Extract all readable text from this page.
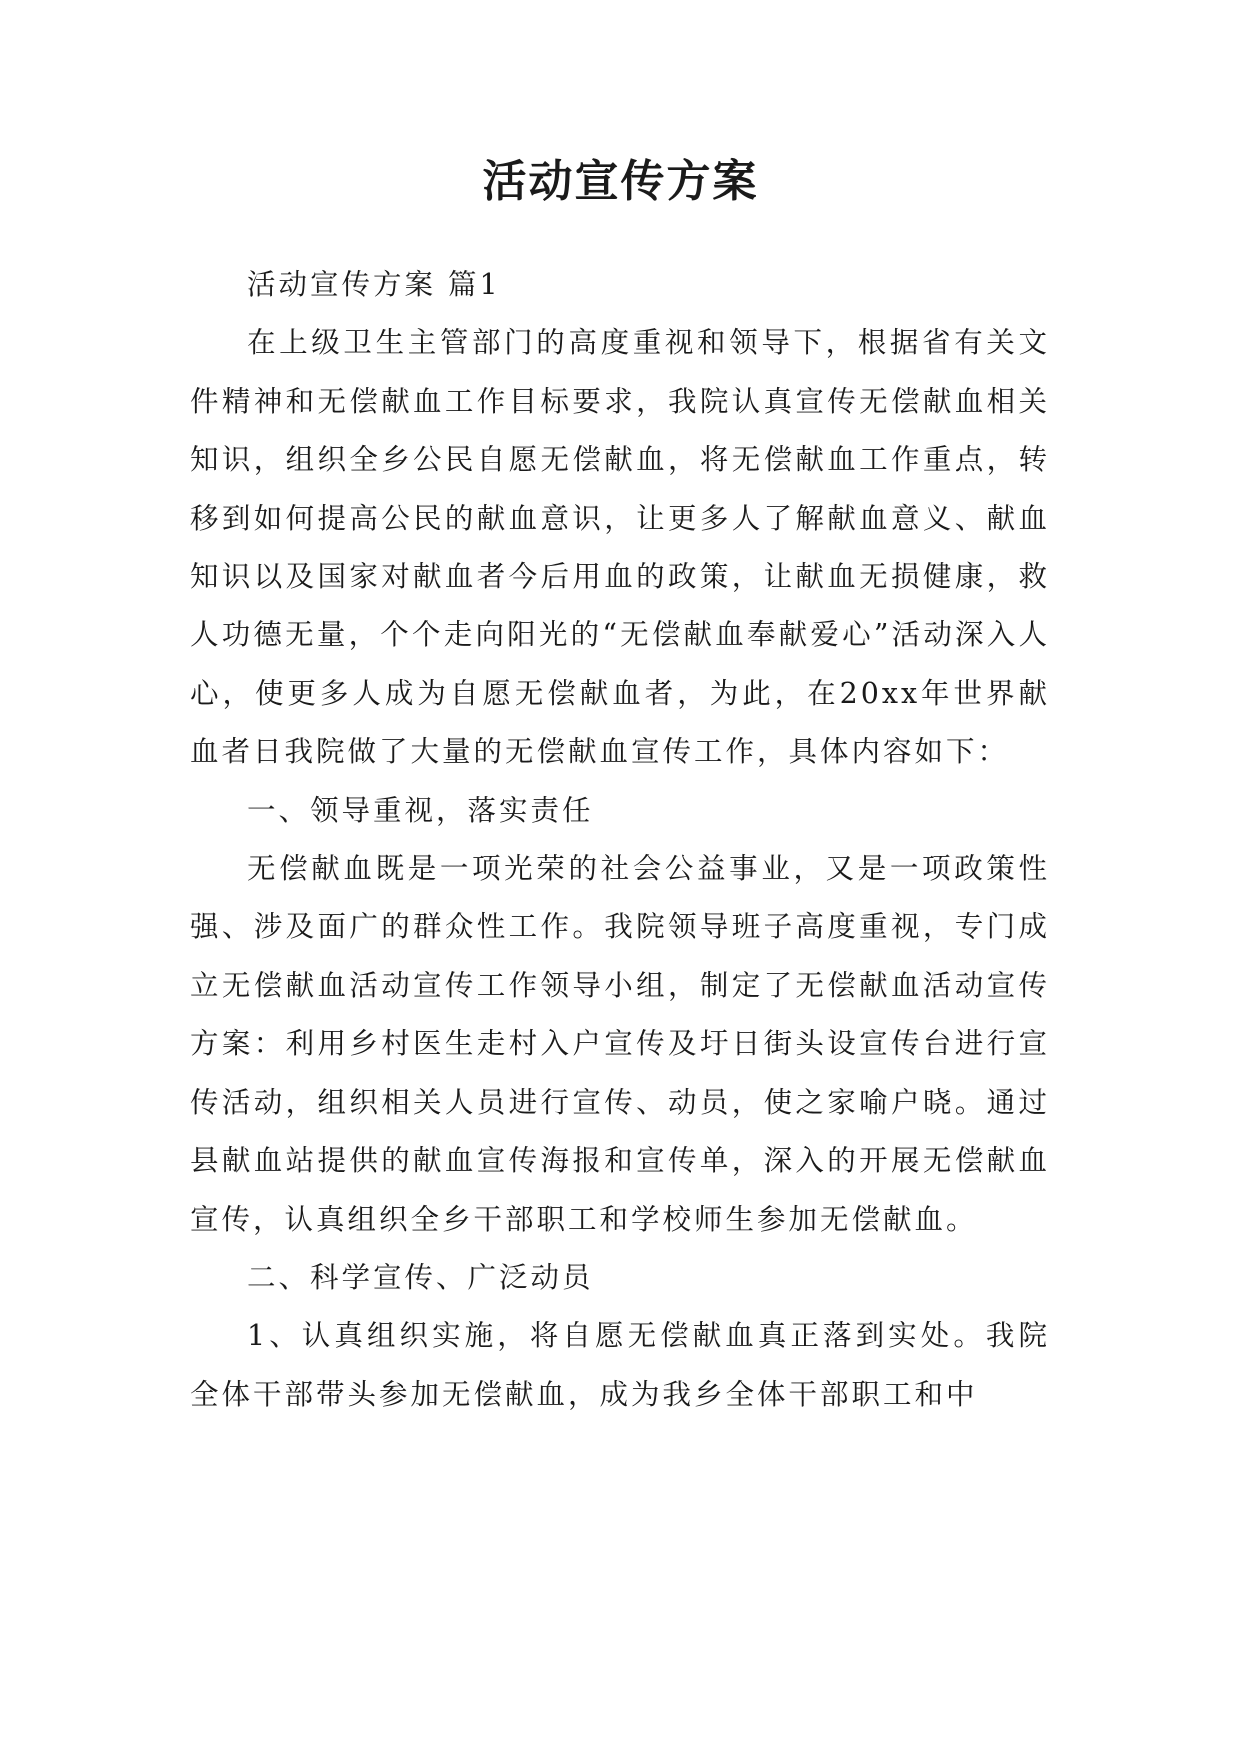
活动宣传方案

活动宣传方案 篇1

在上级卫生主管部门的高度重视和领导下，根据省有关文件精神和无偿献血工作目标要求，我院认真宣传无偿献血相关知识，组织全乡公民自愿无偿献血，将无偿献血工作重点，转移到如何提高公民的献血意识，让更多人了解献血意义、献血知识以及国家对献血者今后用血的政策，让献血无损健康，救人功德无量，个个走向阳光的“无偿献血奉献爱心”活动深入人心，使更多人成为自愿无偿献血者，为此，在20xx年世界献血者日我院做了大量的无偿献血宣传工作，具体内容如下：

一、领导重视，落实责任

无偿献血既是一项光荣的社会公益事业，又是一项政策性强、涉及面广的群众性工作。我院领导班子高度重视，专门成立无偿献血活动宣传工作领导小组，制定了无偿献血活动宣传方案：利用乡村医生走村入户宣传及圩日街头设宣传台进行宣传活动，组织相关人员进行宣传、动员，使之家喻户晓。通过县献血站提供的献血宣传海报和宣传单，深入的开展无偿献血宣传，认真组织全乡干部职工和学校师生参加无偿献血。

二、科学宣传、广泛动员

1、认真组织实施，将自愿无偿献血真正落到实处。我院全体干部带头参加无偿献血，成为我乡全体干部职工和中
